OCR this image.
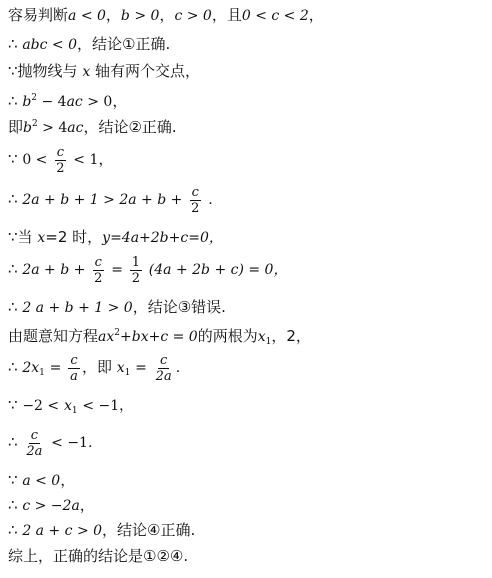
容易判断a < 0，b > 0，c > 0，且0 < c < 2，
∴ abc < 0，结论①正确.
∵抛物线与 x 轴有两个交点，
∴ $b^2 - 4ac > 0$，
即$b^2 > 4ac$，结论②正确.
∵ $0 < \frac{c}{2} < 1$，
∴ $2a + b + 1 > 2a + b + \frac{c}{2}$ .
∵当 x=2 时，y=4a+2b+c=0，
∴ $2a + b + \frac{c}{2} = \frac{1}{2} (4a + 2b + c) = 0$，
∴ 2 a + b + 1 > 0，结论③错误.
由题意知方程$ax^2+bx+c = 0$的两根为$x_1$，2，
∴ $2x_1 = \frac{c}{a}$ ，即 $x_1 = \frac{c}{2a}$ .
∵ $-2 < x_1 < -1$，
∴ $\frac{c}{2a} < -1$.
∵ a < 0，
∴ c > −2a，
∴ 2 a + c > 0，结论④正确.
综上，正确的结论是①②④.
